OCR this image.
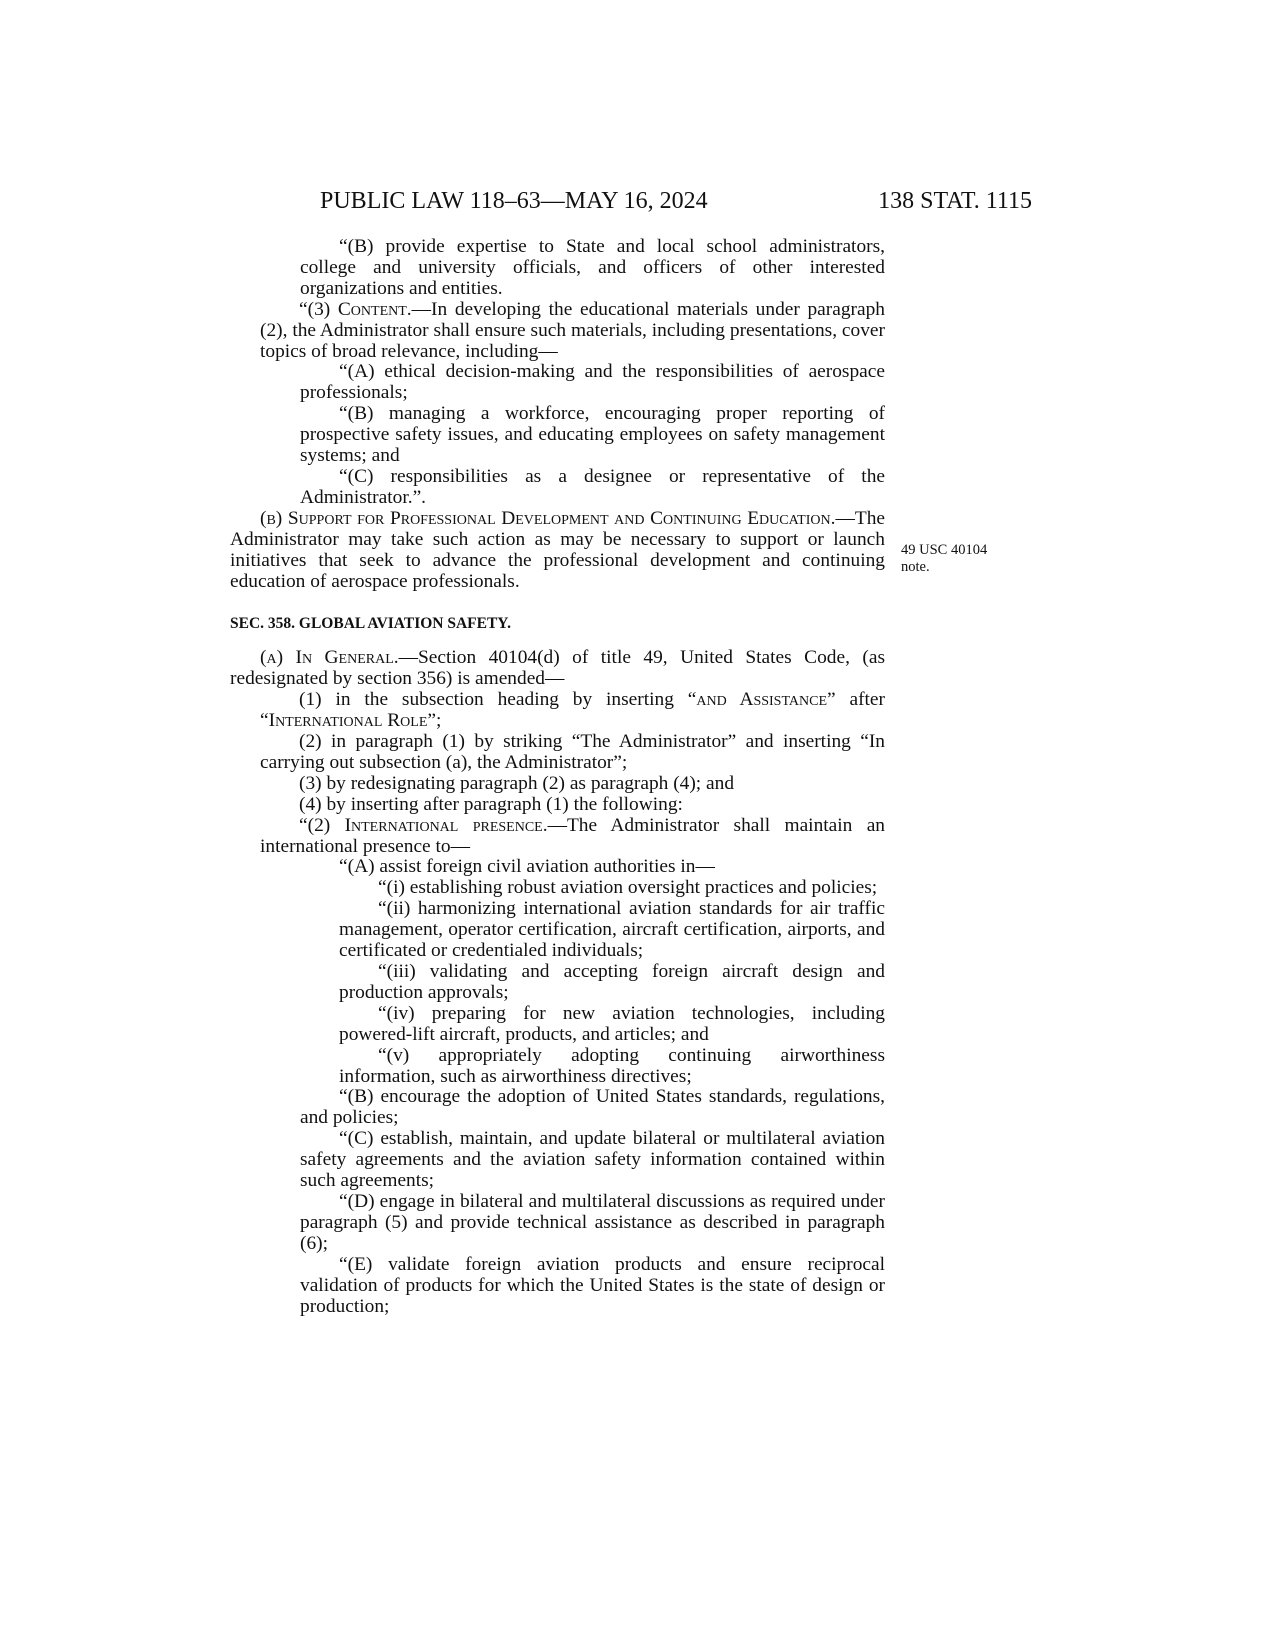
PUBLIC LAW 118–63—MAY 16, 2024	138 STAT. 1115
49 USC 40104
note.

“(B) provide expertise to State and local school administrators, college and university officials, and officers of other interested organizations and entities.

“(3) Content.—In developing the educational materials under paragraph (2), the Administrator shall ensure such materials, including presentations, cover topics of broad relevance, including—

“(A) ethical decision-making and the responsibilities of aerospace professionals;

“(B) managing a workforce, encouraging proper reporting of prospective safety issues, and educating employees on safety management systems; and

“(C) responsibilities as a designee or representative of the Administrator.”.

(b) Support for Professional Development and Continuing Education.—The Administrator may take such action as may be necessary to support or launch initiatives that seek to advance the professional development and continuing education of aerospace professionals.

SEC. 358. GLOBAL AVIATION SAFETY.

(a) In General.—Section 40104(d) of title 49, United States Code, (as redesignated by section 356) is amended—

(1) in the subsection heading by inserting “and Assistance” after “International Role”;

(2) in paragraph (1) by striking “The Administrator” and inserting “In carrying out subsection (a), the Administrator”;

(3) by redesignating paragraph (2) as paragraph (4); and

(4) by inserting after paragraph (1) the following:

“(2) International presence.—The Administrator shall maintain an international presence to—

“(A) assist foreign civil aviation authorities in—

“(i) establishing robust aviation oversight practices and policies;

“(ii) harmonizing international aviation standards for air traffic management, operator certification, aircraft certification, airports, and certificated or credentialed individuals;

“(iii) validating and accepting foreign aircraft design and production approvals;

“(iv) preparing for new aviation technologies, including powered-lift aircraft, products, and articles; and

“(v) appropriately adopting continuing airworthiness information, such as airworthiness directives;

“(B) encourage the adoption of United States standards, regulations, and policies;

“(C) establish, maintain, and update bilateral or multilateral aviation safety agreements and the aviation safety information contained within such agreements;

“(D) engage in bilateral and multilateral discussions as required under paragraph (5) and provide technical assistance as described in paragraph (6);

“(E) validate foreign aviation products and ensure reciprocal validation of products for which the United States is the state of design or production;
